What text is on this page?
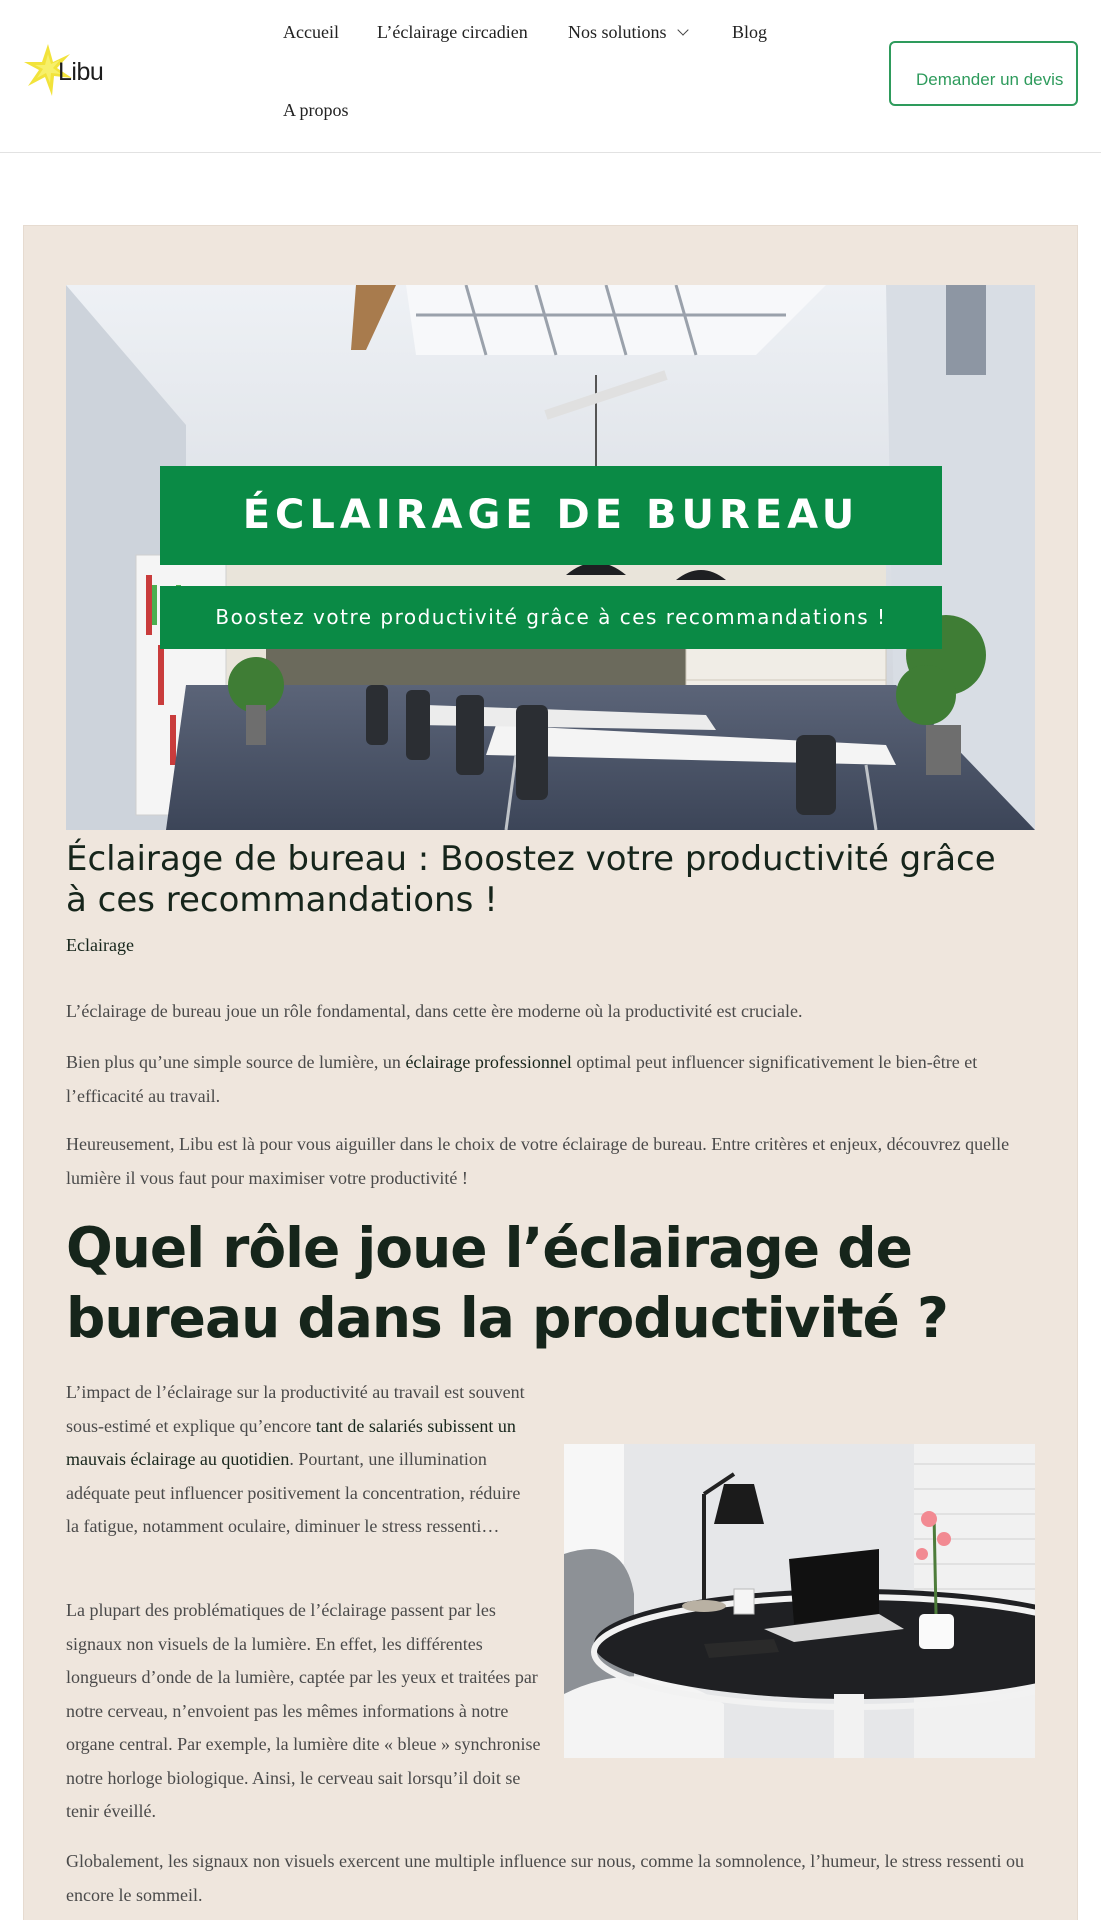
Libu
Accueil L’éclairage circadien Nos solutions	Blog
A propos
Demander un devis
ÉCLAIRAGE DE BUREAU
Boostez votre productivité grâce à ces recommandations !
Éclairage de bureau : Boostez votre productivité grâce à ces recommandations !
Eclairage

L’éclairage de bureau joue un rôle fondamental, dans cette ère moderne où la productivité est cruciale.

Bien plus qu’une simple source de lumière, un éclairage professionnel optimal peut influencer significativement le bien-être et l’efficacité au travail.

Heureusement, Libu est là pour vous aiguiller dans le choix de votre éclairage de bureau. Entre critères et enjeux, découvrez quelle lumière il vous faut pour maximiser votre productivité !

Quel rôle joue l’éclairage de bureau dans la productivité ?

L’impact de l’éclairage sur la productivité au travail est souvent sous-estimé et explique qu’encore tant de salariés subissent un mauvais éclairage au quotidien. Pourtant, une illumination adéquate peut influencer positivement la concentration, réduire la fatigue, notamment oculaire, diminuer le stress ressenti…

La plupart des problématiques de l’éclairage passent par les signaux non visuels de la lumière. En effet, les différentes longueurs d’onde de la lumière, captée par les yeux et traitées par notre cerveau, n’envoient pas les mêmes informations à notre organe central. Par exemple, la lumière dite « bleue » synchronise notre horloge biologique. Ainsi, le cerveau sait lorsqu’il doit se tenir éveillé.

Globalement, les signaux non visuels exercent une multiple influence sur nous, comme la somnolence, l’humeur, le stress ressenti ou encore le sommeil.
